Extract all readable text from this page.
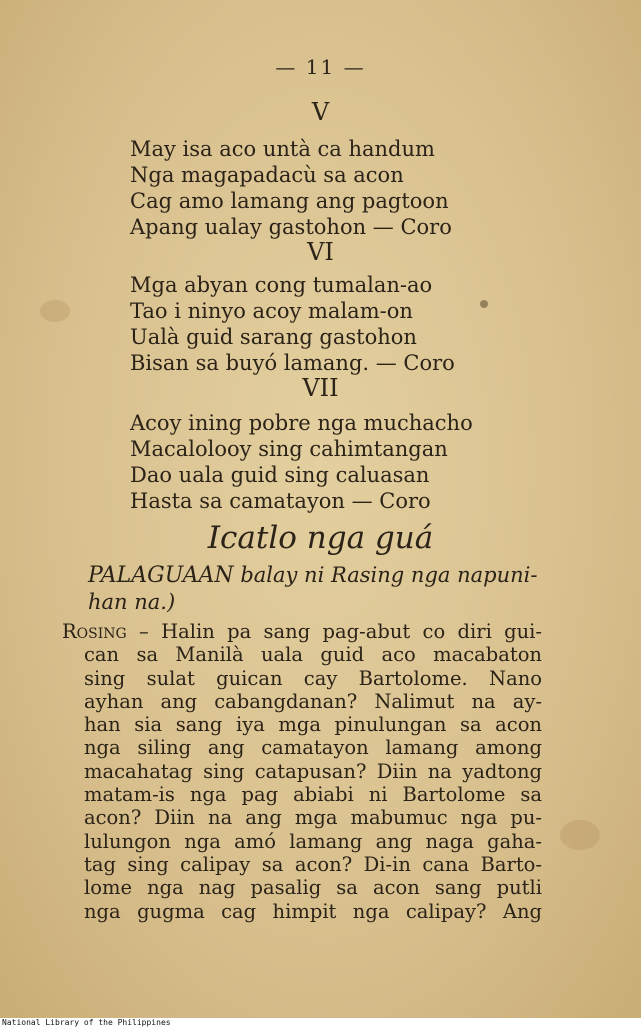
— 11 —
V
May isa aco untà ca handum
Nga magapadacù sa acon
Cag amo lamang ang pagtoon
Apang ualay gastohon — Coro
VI
Mga abyan cong tumalan-ao
Tao i ninyo acoy malam-on
Ualà guid sarang gastohon
Bisan sa buyó lamang. — Coro
VII
Acoy ining pobre nga muchacho
Macalolooy sing cahimtangan
Dao uala guid sing caluasan
Hasta sa camatayon — Coro
Icatlo nga guá
PALAGUAAN balay ni Rasing nga napuni-
han na.)
Rosing – Halin pa sang pag-abut co diri gui-
can sa Manilà uala guid aco macabaton
sing sulat guican cay Bartolome. Nano
ayhan ang cabangdanan? Nalimut na ay-
han sia sang iya mga pinulungan sa acon
nga siling ang camatayon lamang among
macahatag sing catapusan? Diin na yadtong
matam-is nga pag abiabi ni Bartolome sa
acon? Diin na ang mga mabumuc nga pu-
lulungon nga amó lamang ang naga gaha-
tag sing calipay sa acon? Di-in cana Barto-
lome nga nag pasalig sa acon sang putli
nga gugma cag himpit nga calipay? Ang
National Library of the Philippines
